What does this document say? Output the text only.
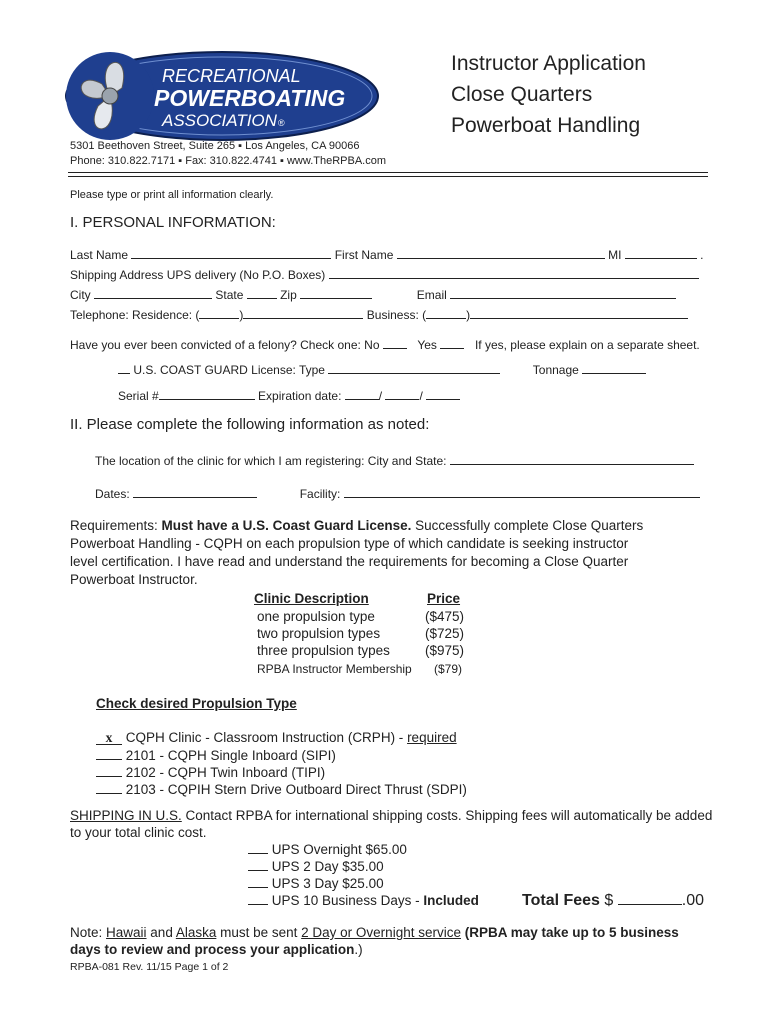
RECREATIONAL
POWERBOATING
ASSOCIATION ®
Instructor Application
Close Quarters
Powerboat Handling
5301 Beethoven Street, Suite 265 ▪ Los Angeles, CA 90066
Phone: 310.822.7171 ▪ Fax: 310.822.4741 ▪ www.TheRPBA.com
Please type or print all information clearly.
I. PERSONAL INFORMATION:
Last Name	First Name	MI	.
Shipping Address UPS delivery (No P.O. Boxes)
City	State	Zip	Email
Telephone: Residence: (	)	Business: (	)
Have you ever been convicted of a felony? Check one: No	Yes	If yes, please explain on a separate sheet.
U.S. COAST GUARD License: Type	Tonnage
Serial #	Expiration date:	/	/
II. Please complete the following information as noted:
The location of the clinic for which I am registering: City and State:
Dates:	Facility:
Requirements: Must have a U.S. Coast Guard License. Successfully complete Close Quarters
Powerboat Handling - CQPH on each propulsion type of which candidate is seeking instructor
level certification. I have read and understand the requirements for becoming a Close Quarter
Powerboat Instructor.
Clinic Description	Price
one propulsion type	($475)
two propulsion types	($725)
three propulsion types	($975)
RPBA Instructor Membership ($79)
Check desired Propulsion Type
x CQPH Clinic - Classroom Instruction (CRPH) - required
2101 - CQPH Single Inboard (SIPI)
2102 - CQPH Twin Inboard (TIPI)
2103 - CQPIH Stern Drive Outboard Direct Thrust (SDPI)
SHIPPING IN U.S. Contact RPBA for international shipping costs. Shipping fees will automatically be added
to your total clinic cost.
UPS Overnight $65.00
UPS 2 Day $35.00
UPS 3 Day $25.00
UPS 10 Business Days - Included	Total Fees $	.00
Note: Hawaii and Alaska must be sent 2 Day or Overnight service (RPBA may take up to 5 business
days to review and process your application.)
RPBA-081 Rev. 11/15 Page 1 of 2
